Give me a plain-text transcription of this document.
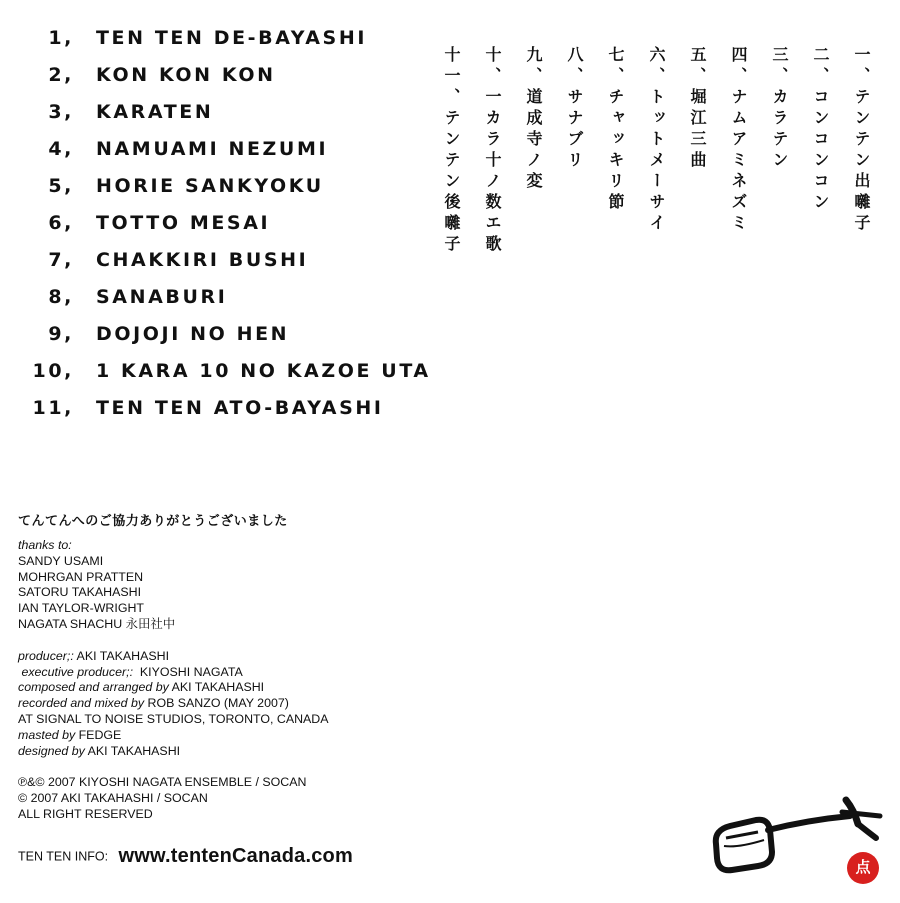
1, TEN TEN DE-BAYASHI
2, KON KON KON
3, KARATEN
4, NAMUAMI NEZUMI
5, HORIE SANKYOKU
6, TOTTO MESAI
7, CHAKKIRI BUSHI
8, SANABURI
9, DOJOJI NO HEN
10, 1 KARA 10 NO KAZOE UTA
11, TEN TEN ATO-BAYASHI
一、テンテン出囃子
二、コンコンコン
三、カラテン
四、ナムアミネズミ
五、堀江三曲
六、トットメーサイ
七、チャッキリ節
八、サナブリ
九、道成寺ノ変
十、一カラ十ノ数エ歌
十一、テンテン後囃子
てんてんへのご協力ありがとうございました
thanks to:
SANDY USAMI
MOHRGAN PRATTEN
SATORU TAKAHASHI
IAN TAYLOR-WRIGHT
NAGATA SHACHU 永田社中
producer;: AKI TAKAHASHI
executive producer;:  KIYOSHI NAGATA
composed and arranged by AKI TAKAHASHI
recorded and mixed by ROB SANZO (MAY 2007)
AT SIGNAL TO NOISE STUDIOS, TORONTO, CANADA
masted by FEDGE
designed by AKI TAKAHASHI
℗&© 2007 KIYOSHI NAGATA ENSEMBLE / SOCAN
© 2007 AKI TAKAHASHI / SOCAN
ALL RIGHT RESERVED
TEN TEN INFO: www.tentenCanada.com	点
